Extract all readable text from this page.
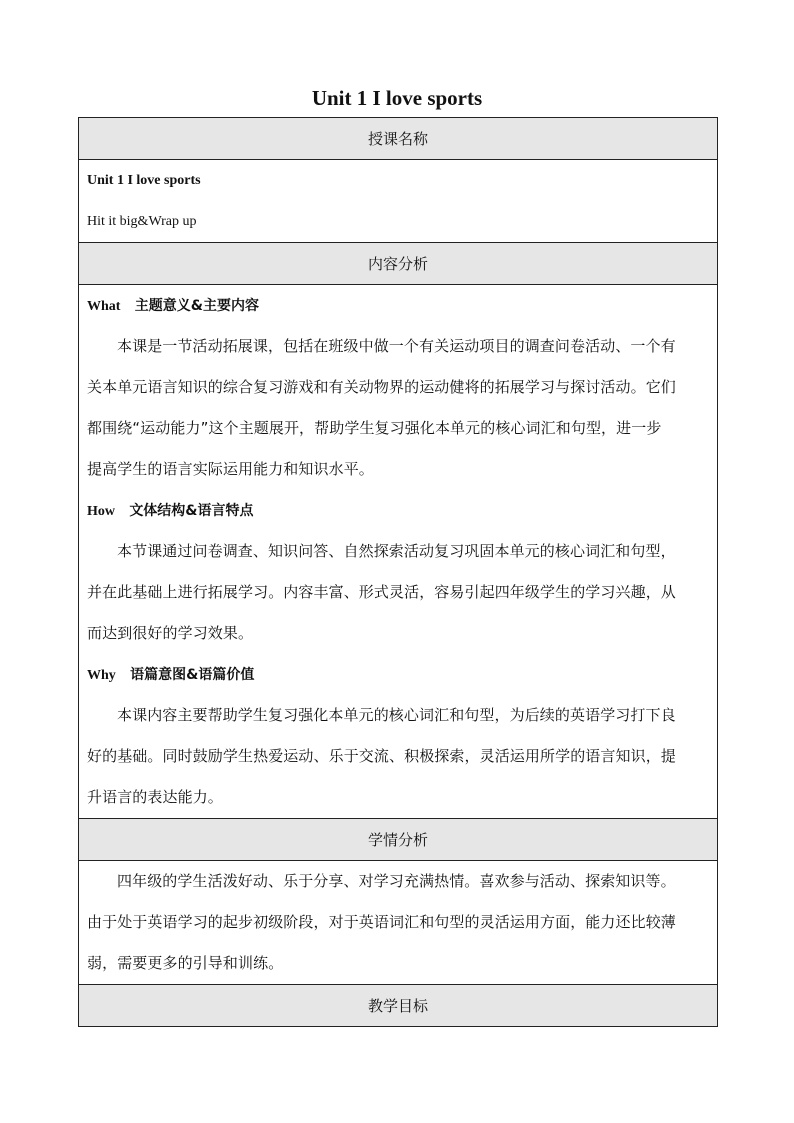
Unit 1 I love sports
授课名称
Unit 1 I love sports
Hit it big&Wrap up
内容分析
What 主题意义&主要内容
本课是一节活动拓展课，包括在班级中做一个有关运动项目的调查问卷活动、一个有
关本单元语言知识的综合复习游戏和有关动物界的运动健将的拓展学习与探讨活动。它们
都围绕“运动能力”这个主题展开，帮助学生复习强化本单元的核心词汇和句型，进一步
提高学生的语言实际运用能力和知识水平。
How 文体结构&语言特点
本节课通过问卷调查、知识问答、自然探索活动复习巩固本单元的核心词汇和句型，
并在此基础上进行拓展学习。内容丰富、形式灵活，容易引起四年级学生的学习兴趣，从
而达到很好的学习效果。
Why 语篇意图&语篇价值
本课内容主要帮助学生复习强化本单元的核心词汇和句型，为后续的英语学习打下良
好的基础。同时鼓励学生热爱运动、乐于交流、积极探索，灵活运用所学的语言知识，提
升语言的表达能力。
学情分析
四年级的学生活泼好动、乐于分享、对学习充满热情。喜欢参与活动、探索知识等。
由于处于英语学习的起步初级阶段，对于英语词汇和句型的灵活运用方面，能力还比较薄
弱，需要更多的引导和训练。
教学目标
